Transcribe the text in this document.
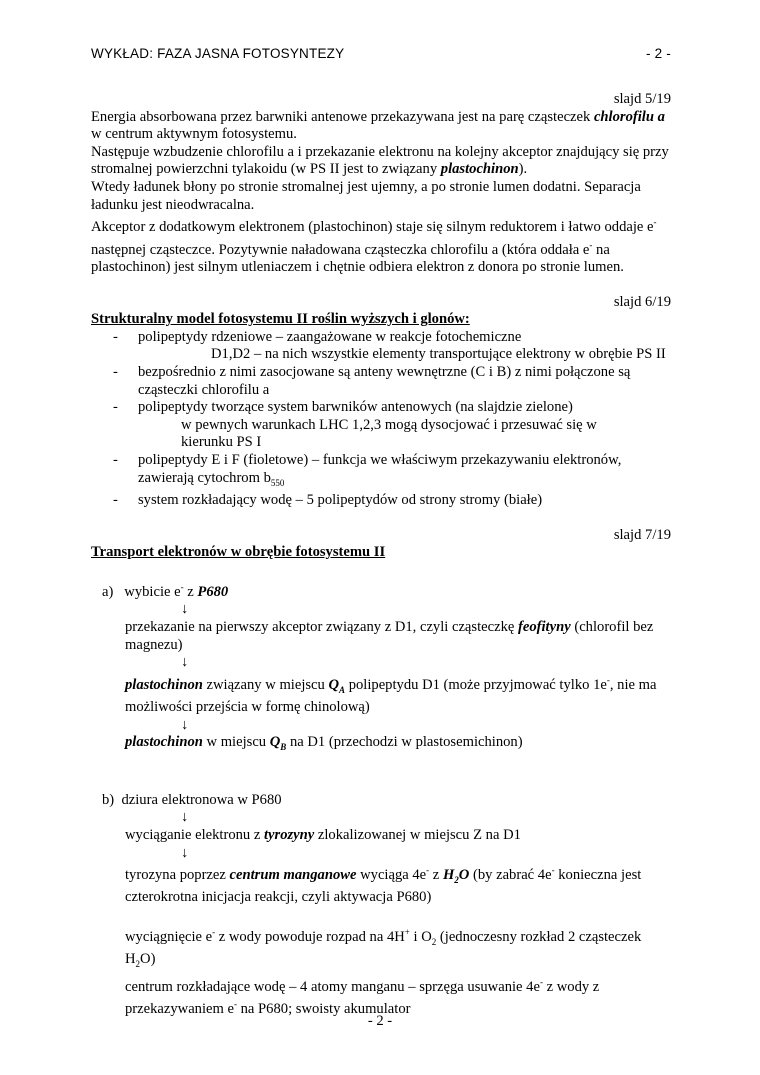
WYKŁAD: FAZA JASNA FOTOSYNTEZY	- 2 -

slajd 5/19

Energia absorbowana przez barwniki antenowe przekazywana jest na parę cząsteczek chlorofilu a w centrum aktywnym fotosystemu.

Następuje wzbudzenie chlorofilu a i przekazanie elektronu na kolejny akceptor znajdujący się przy stromalnej powierzchni tylakoidu (w PS II jest to związany plastochinon).

Wtedy ładunek błony po stronie stromalnej jest ujemny, a po stronie lumen dodatni. Separacja ładunku jest nieodwracalna.

Akceptor z dodatkowym elektronem (plastochinon) staje się silnym reduktorem i łatwo oddaje e- następnej cząsteczce. Pozytywnie naładowana cząsteczka chlorofilu a (która oddała e- na plastochinon) jest silnym utleniaczem i chętnie odbiera elektron z donora po stronie lumen.

slajd 6/19

Strukturalny model fotosystemu II roślin wyższych i glonów:

- polipeptydy rdzeniowe – zaangażowane w reakcje fotochemiczne
D1,D2 – na nich wszystkie elementy transportujące elektrony w obrębie PS II
- bezpośrednio z nimi zasocjowane są anteny wewnętrzne (C i B) z nimi połączone są cząsteczki chlorofilu a
- polipeptydy tworzące system barwników antenowych (na slajdzie zielone)
w pewnych warunkach LHC 1,2,3 mogą dysocjować i przesuwać się w kierunku PS I
- polipeptydy E i F (fioletowe) – funkcja we właściwym przekazywaniu elektronów, zawierają cytochrom $b_{550}$
- system rozkładający wodę – 5 polipeptydów od strony stromy (białe)

slajd 7/19

Transport elektronów w obrębie fotosystemu II

a) wybicie e- z P680

↓

przekazanie na pierwszy akceptor związany z D1, czyli cząsteczkę feofityny (chlorofil bez magnezu)

↓

plastochinon związany w miejscu $Q_A$ polipeptydu D1 (może przyjmować tylko 1e-, nie ma możliwości przejścia w formę chinolową)

↓

plastochinon w miejscu $Q_B$ na D1 (przechodzi w plastosemichinon)

b) dziura elektronowa w P680

↓

wyciąganie elektronu z tyrozyny zlokalizowanej w miejscu Z na D1

↓

tyrozyna poprzez centrum manganowe wyciąga 4e- z $H_2O$ (by zabrać 4e- konieczna jest czterokrotna inicjacja reakcji, czyli aktywacja P680)

wyciągnięcie e- z wody powoduje rozpad na 4H+ i $O_2$ (jednoczesny rozkład 2 cząsteczek $H_2O$)

centrum rozkładające wodę – 4 atomy manganu – sprzęga usuwanie 4e- z wody z przekazywaniem e- na P680; swoisty akumulator

- 2 -
